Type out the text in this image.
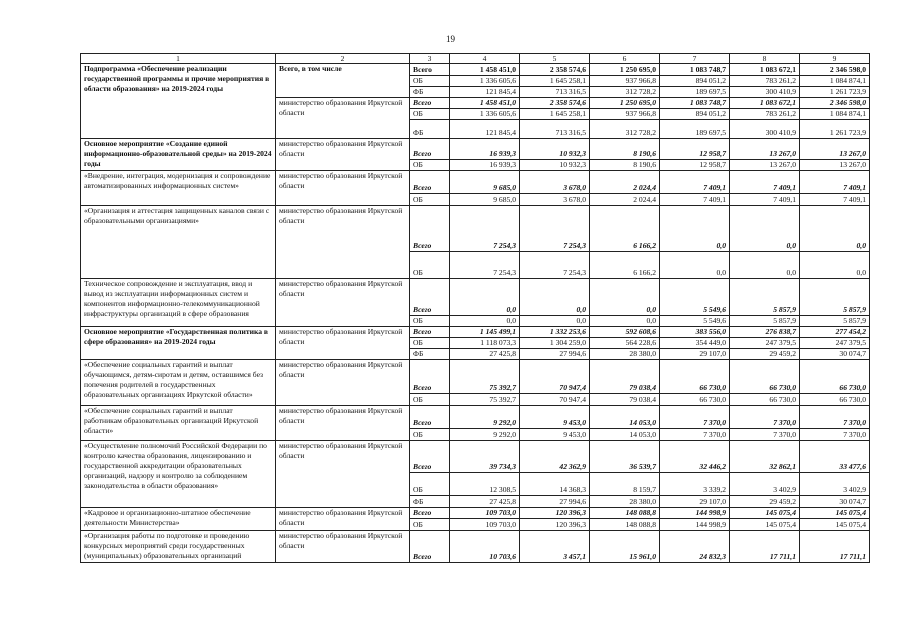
19
1	2	3	4	5	6	7	8	9
Подпрограмма «Обеспечение реализации государственной программы и прочие мероприятия в области образования» на 2019-2024 годы	Всего, в том числе	Всего	1 458 451,0	2 358 574,6	1 250 695,0	1 083 748,7	1 083 672,1	2 346 598,0
		ОБ	1 336 605,6	1 645 258,1	937 966,8	894 051,2	783 261,2	1 084 874,1
		ФБ	121 845,4	713 316,5	312 728,2	189 697,5	300 410,9	1 261 723,9
	министерство образования Иркутской области	Всего	1 458 451,0	2 358 574,6	1 250 695,0	1 083 748,7	1 083 672,1	2 346 598,0
		ОБ	1 336 605,6	1 645 258,1	937 966,8	894 051,2	783 261,2	1 084 874,1
		ФБ	121 845,4	713 316,5	312 728,2	189 697,5	300 410,9	1 261 723,9
Основное мероприятие «Создание единой информационно-образовательной среды» на 2019-2024 годы	министерство образования Иркутской области	Всего	16 939,3	10 932,3	8 190,6	12 958,7	13 267,0	13 267,0
		ОБ	16 939,3	10 932,3	8 190,6	12 958,7	13 267,0	13 267,0
«Внедрение, интеграция, модернизация и сопровождение автоматизированных информационных систем»	министерство образования Иркутской области	Всего	9 685,0	3 678,0	2 024,4	7 409,1	7 409,1	7 409,1
		ОБ	9 685,0	3 678,0	2 024,4	7 409,1	7 409,1	7 409,1
«Организация и аттестация защищенных каналов связи с образовательными организациями»	министерство образования Иркутской области	Всего	7 254,3	7 254,3	6 166,2	0,0	0,0	0,0
		ОБ	7 254,3	7 254,3	6 166,2	0,0	0,0	0,0
Техническое сопровождение и эксплуатация, ввод и вывод из эксплуатации информационных систем и компонентов информационно-телекоммуникационной инфраструктуры организаций в сфере образования	министерство образования Иркутской области	Всего	0,0	0,0	0,0	5 549,6	5 857,9	5 857,9
		ОБ	0,0	0,0	0,0	5 549,6	5 857,9	5 857,9
Основное мероприятие «Государственная политика в сфере образования» на 2019-2024 годы	министерство образования Иркутской области	Всего	1 145 499,1	1 332 253,6	592 608,6	383 556,0	276 838,7	277 454,2
		ОБ	1 118 073,3	1 304 259,0	564 228,6	354 449,0	247 379,5	247 379,5
		ФБ	27 425,8	27 994,6	28 380,0	29 107,0	29 459,2	30 074,7
«Обеспечение социальных гарантий и выплат обучающимся, детям-сиротам и детям, оставшимся без попечения родителей в государственных образовательных организациях Иркутской области»	министерство образования Иркутской области	Всего	75 392,7	70 947,4	79 038,4	66 730,0	66 730,0	66 730,0
		ОБ	75 392,7	70 947,4	79 038,4	66 730,0	66 730,0	66 730,0
«Обеспечение социальных гарантий и выплат работникам образовательных организаций Иркутской области»	министерство образования Иркутской области	Всего	9 292,0	9 453,0	14 053,0	7 370,0	7 370,0	7 370,0
		ОБ	9 292,0	9 453,0	14 053,0	7 370,0	7 370,0	7 370,0
«Осуществление полномочий Российской Федерации по контролю качества образования, лицензированию и государственной аккредитации образовательных организаций, надзору и контролю за соблюдением законодательства в области образования»	министерство образования Иркутской области	Всего	39 734,3	42 362,9	36 539,7	32 446,2	32 862,1	33 477,6
		ОБ	12 308,5	14 368,3	8 159,7	3 339,2	3 402,9	3 402,9
		ФБ	27 425,8	27 994,6	28 380,0	29 107,0	29 459,2	30 074,7
«Кадровое и организационно-штатное обеспечение деятельности Министерства»	министерство образования Иркутской области	Всего	109 703,0	120 396,3	148 088,8	144 998,9	145 075,4	145 075,4
		ОБ	109 703,0	120 396,3	148 088,8	144 998,9	145 075,4	145 075,4
«Организация работы по подготовке и проведению конкурсных мероприятий среди государственных (муниципальных) образовательных организаций	министерство образования Иркутской области	Всего	10 703,6	3 457,1	15 961,0	24 832,3	17 711,1	17 711,1
